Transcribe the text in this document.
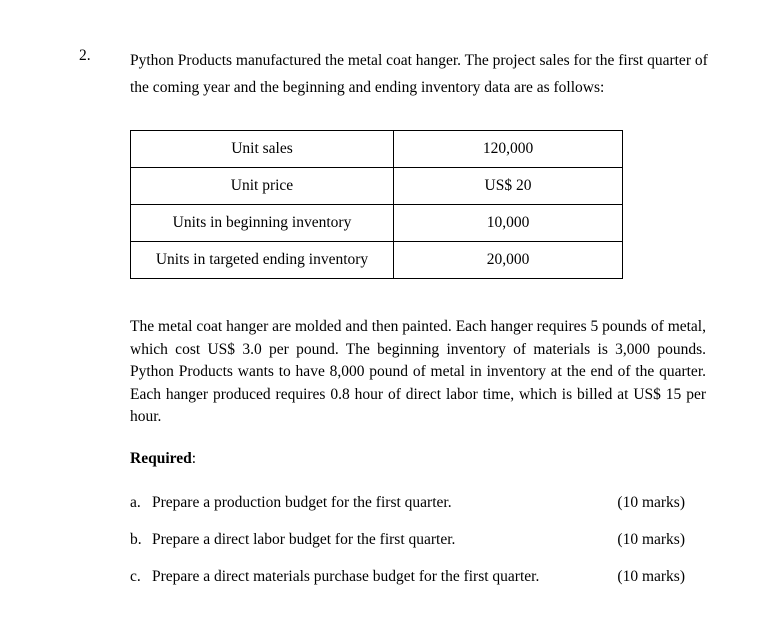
2.	Python Products manufactured the metal coat hanger. The project sales for the first quarter of the coming year and the beginning and ending inventory data are as follows:
Unit sales	120,000
Unit price	US$ 20
Units in beginning inventory	10,000
Units in targeted ending inventory	20,000
The metal coat hanger are molded and then painted. Each hanger requires 5 pounds of metal, which cost US$ 3.0 per pound. The beginning inventory of materials is 3,000 pounds. Python Products wants to have 8,000 pound of metal in inventory at the end of the quarter. Each hanger produced requires 0.8 hour of direct labor time, which is billed at US$ 15 per hour.
Required:
a. Prepare a production budget for the first quarter.	(10 marks)
b. Prepare a direct labor budget for the first quarter.	(10 marks)
c. Prepare a direct materials purchase budget for the first quarter.	(10 marks)
